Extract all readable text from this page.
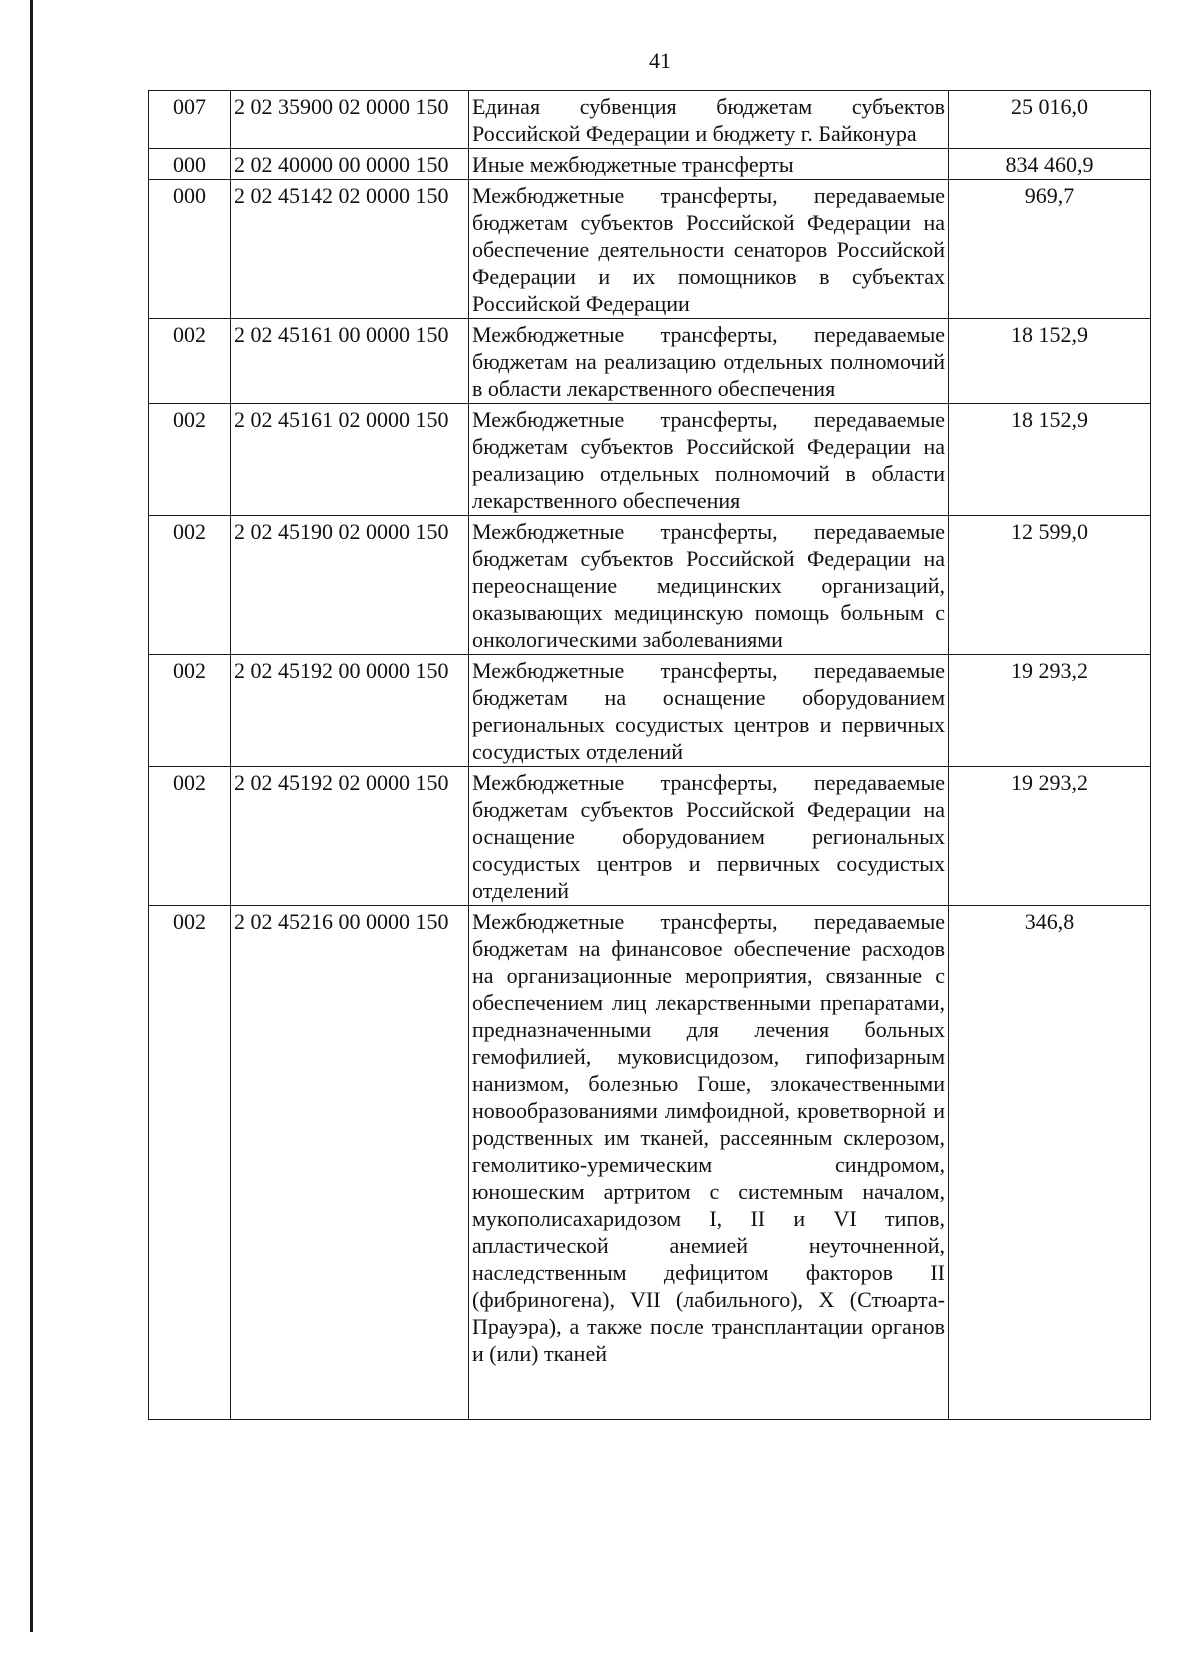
41
007	2 02 35900 02 0000 150	Единая субвенция бюджетам субъектов Российской Федерации и бюджету г. Байконура	25 016,0
000	2 02 40000 00 0000 150	Иные межбюджетные трансферты	834 460,9
000	2 02 45142 02 0000 150	Межбюджетные трансферты, передаваемые бюджетам субъектов Российской Федерации на обеспечение деятельности сенаторов Российской Федерации и их помощников в субъектах Российской Федерации	969,7
002	2 02 45161 00 0000 150	Межбюджетные трансферты, передаваемые бюджетам на реализацию отдельных полномочий в области лекарственного обеспечения	18 152,9
002	2 02 45161 02 0000 150	Межбюджетные трансферты, передаваемые бюджетам субъектов Российской Федерации на реализацию отдельных полномочий в области лекарственного обеспечения	18 152,9
002	2 02 45190 02 0000 150	Межбюджетные трансферты, передаваемые бюджетам субъектов Российской Федерации на переоснащение медицинских организаций, оказывающих медицинскую помощь больным с онкологическими заболеваниями	12 599,0
002	2 02 45192 00 0000 150	Межбюджетные трансферты, передаваемые бюджетам на оснащение оборудованием региональных сосудистых центров и первичных сосудистых отделений	19 293,2
002	2 02 45192 02 0000 150	Межбюджетные трансферты, передаваемые бюджетам субъектов Российской Федерации на оснащение оборудованием региональных сосудистых центров и первичных сосудистых отделений	19 293,2
002	2 02 45216 00 0000 150	Межбюджетные трансферты, передаваемые бюджетам на финансовое обеспечение расходов на организационные мероприятия, связанные с обеспечением лиц лекарственными препаратами, предназначенными для лечения больных гемофилией, муковисцидозом, гипофизарным нанизмом, болезнью Гоше, злокачественными новообразованиями лимфоидной, кроветворной и родственных им тканей, рассеянным склерозом, гемолитико-уремическим синдромом, юношеским артритом с системным началом, мукополисахаридозом I, II и VI типов, апластической анемией неуточненной, наследственным дефицитом факторов II (фибриногена), VII (лабильного), X (Стюарта-Прауэра), а также после трансплантации органов и (или) тканей	346,8
